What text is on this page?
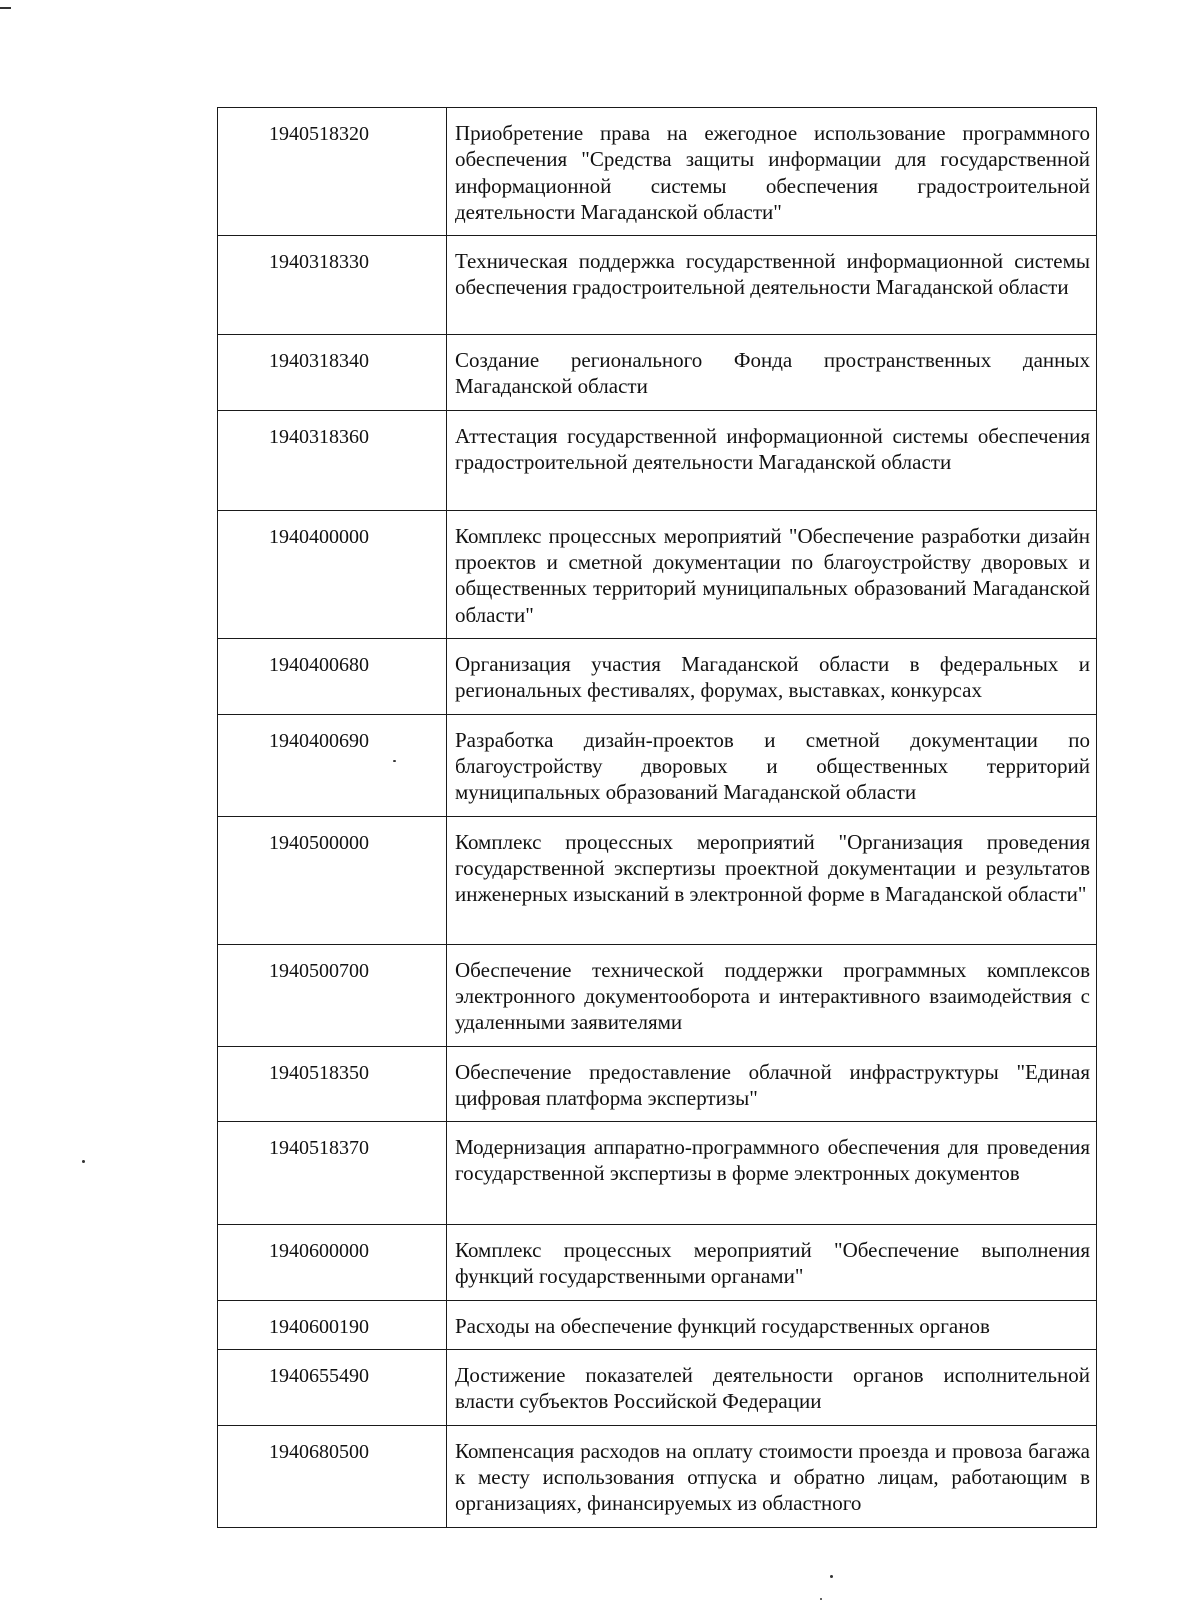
1940518320	Приобретение права на ежегодное использование программного обеспечения "Средства защиты информации для государственной информационной системы обеспечения градостроительной деятельности Магаданской области"
1940318330	Техническая поддержка государственной информационной системы обеспечения градостроительной деятельности Магаданской области
1940318340	Создание регионального Фонда пространственных данных Магаданской области
1940318360	Аттестация государственной информационной системы обеспечения градостроительной деятельности Магаданской области
1940400000	Комплекс процессных мероприятий "Обеспечение разработки дизайн проектов и сметной документации по благоустройству дворовых и общественных территорий муниципальных образований Магаданской области"
1940400680	Организация участия Магаданской области в федеральных и региональных фестивалях, форумах, выставках, конкурсах
1940400690	Разработка дизайн-проектов и сметной документации по благоустройству дворовых и общественных территорий муниципальных образований Магаданской области
1940500000	Комплекс процессных мероприятий "Организация проведения государственной экспертизы проектной документации и результатов инженерных изысканий в электронной форме в Магаданской области"
1940500700	Обеспечение технической поддержки программных комплексов электронного документооборота и интерактивного взаимодействия с удаленными заявителями
1940518350	Обеспечение предоставление облачной инфраструктуры "Единая цифровая платформа экспертизы"
1940518370	Модернизация аппаратно-программного обеспечения для проведения государственной экспертизы в форме электронных документов
1940600000	Комплекс процессных мероприятий "Обеспечение выполнения функций государственными органами"
1940600190	Расходы на обеспечение функций государственных органов
1940655490	Достижение показателей деятельности органов исполнительной власти субъектов Российской Федерации
1940680500	Компенсация расходов на оплату стоимости проезда и провоза багажа к месту использования отпуска и обратно лицам, работающим в организациях, финансируемых из областного
